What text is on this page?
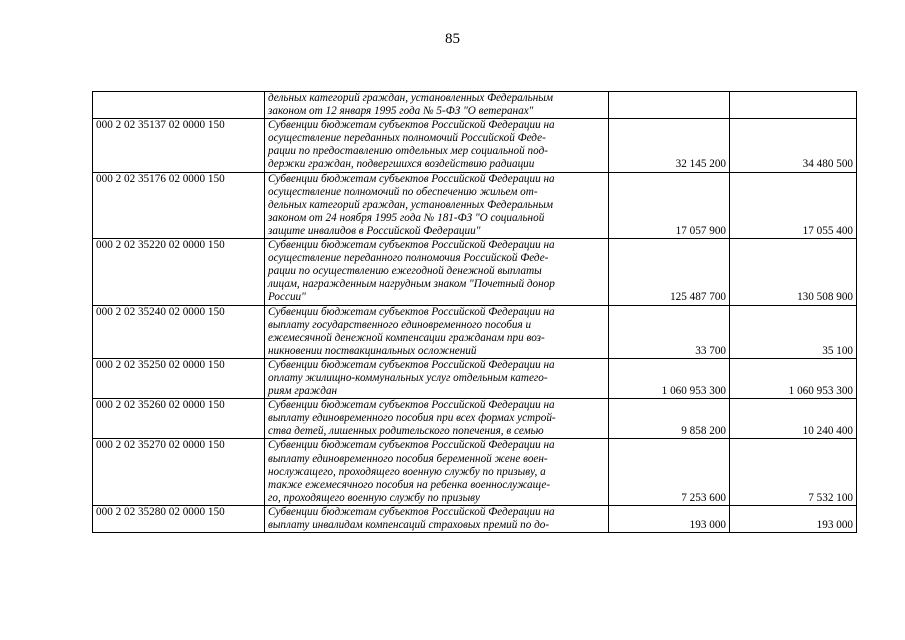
85

	дельных категорий граждан, установленных Федеральным
законом от 12 января 1995 года № 5-ФЗ "О ветеранах"		

000 2 02 35137 02 0000 150	Субвенции бюджетам субъектов Российской Федерации на
осуществление переданных полномочий Российской Феде-
рации по предоставлению отдельных мер социальной под-
держки граждан, подвергшихся воздействию радиации	32 145 200	34 480 500
000 2 02 35176 02 0000 150	Субвенции бюджетам субъектов Российской Федерации на
осуществление полномочий по обеспечению жильем от-
дельных категорий граждан, установленных Федеральным
законом от 24 ноября 1995 года № 181-ФЗ "О социальной
защите инвалидов в Российской Федерации"	17 057 900	17 055 400
000 2 02 35220 02 0000 150	Субвенции бюджетам субъектов Российской Федерации на
осуществление переданного полномочия Российской Феде-
рации по осуществлению ежегодной денежной выплаты
лицам, награжденным нагрудным знаком "Почетный донор
России"	125 487 700	130 508 900
000 2 02 35240 02 0000 150	Субвенции бюджетам субъектов Российской Федерации на
выплату государственного единовременного пособия и
ежемесячной денежной компенсации гражданам при воз-
никновении поствакцинальных осложнений	33 700	35 100
000 2 02 35250 02 0000 150	Субвенции бюджетам субъектов Российской Федерации на
оплату жилищно-коммунальных услуг отдельным катего-
риям граждан	1 060 953 300	1 060 953 300
000 2 02 35260 02 0000 150	Субвенции бюджетам субъектов Российской Федерации на
выплату единовременного пособия при всех формах устрой-
ства детей, лишенных родительского попечения, в семью	9 858 200	10 240 400
000 2 02 35270 02 0000 150	Субвенции бюджетам субъектов Российской Федерации на
выплату единовременного пособия беременной жене воен-
нослужащего, проходящего военную службу по призыву, а
также ежемесячного пособия на ребенка военнослужаще-
го, проходящего военную службу по призыву	7 253 600	7 532 100
000 2 02 35280 02 0000 150	Субвенции бюджетам субъектов Российской Федерации на
выплату инвалидам компенсаций страховых премий по до-	193 000	193 000
